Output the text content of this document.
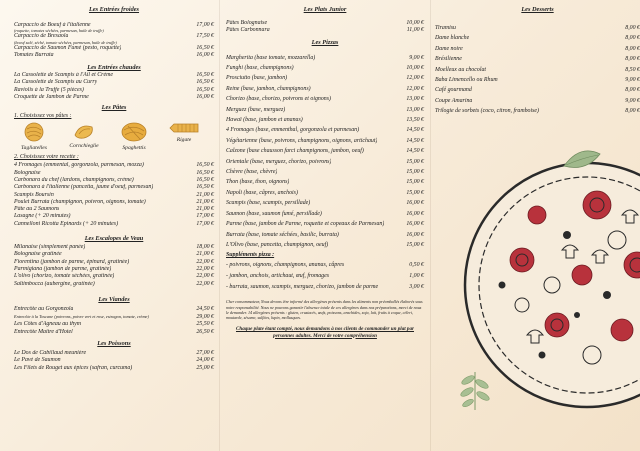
Les Entrées froides

Carpaccio de Boeuf à l'italienne	17,00 €
(roquette, tomates séchées, parmesan, huile de truffe)
Carpaccio de Bresaola	17,50 €
(boeuf salé, séché, tomate séchées, parmesan, huile de truffe)
Carpaccio de Saumon Fumé (pesto, roquette)	16,50 €
Tomates Burrata	16,00 €

Les Entrées chaudes

La Cassolette de Scampis à l'Ail et Crème	16,50 €
La Cassolette de Scampis au Curry	16,50 €
Raviolis à la Truffe (5 pièces)	16,50 €
Croquette de Jambon de Parme	16,00 €

Les Pâtes

1. Choisissez vos pâtes :
Tagliatelles	Cornchieglie	Spaghettis
Rigate
2. Choisissez votre recette :
4 Fromages (emmental, gorgonzola, parmesan, mozza)	16,50 €
Bolognaise	16,50 €
Carbonara du chef (lardons, champignons, crème)	16,50 €
Carbonara à l'italienne (pancetta, jaune d'oeuf, parmesan)	16,50 €
Scampis Boursin	21,00 €
Poulet Burrata (champignon, poivron, oignons, tomate)	21,00 €
Pâte au 2 Saumons	21,00 €
Lasagne (+ 20 minutes)	17,00 €
Cannelloni Ricotta Epinards (+ 20 minutes)	17,00 €

Les Escalopes de Veau

Milanaise (simplement panée)	18,00 €
Bolognaise gratinée	21,00 €
Fiorentina (jambon de parme, épinard, gratinée)	22,00 €
Parmigiana (jambon de parme, gratinée)	22,00 €
L'olivo (chorizo, tomate séchées, gratinée)	22,00 €
Saltimbocca (aubergine, gratinée)	22,00 €

Les Viandes

Entrecôte au Gorgonzola	24,50 €
Entrecôte à la Toscane (poivrons, poivre vert et rose, estragon, tomate, crème)	29,00 €
Les Côtes d'Agneau au thym	25,50 €
Entrecôte Maitre d'Hotel	26,50 €

Les Poissons

Le Dos de Cabillaud meunière	27,00 €
Le Pavé de Saumon	24,00 €
Les Filets de Rouget aux épices (safran, curcuma)	25,00 €

Les Plats Junior

Pâtes Bolognaise	10,00 €
Pâtes Carbonnara	11,00 €

Les Pizzas

Margherita (base tomate, mozzarella)	9,00 €
Funghi (base, champignons)	10,00 €
Prosciutto (base, jambon)	12,00 €
Reine (base, jambon, champignons)	12,00 €
Chorizo (base, chorizo, poivrons et oignons)	13,00 €
Merguez (base, merguez)	13,00 €
Hawaï (base, jambon et ananas)	13,50 €
4 Fromages (base, emmenthal, gorgonzola et parmesan)	14,50 €
Végétarienne (base, poivrons, champignons, oignons, artichaut)	14,50 €
Calzone (base chausson farci champignons, jambon, oeuf)	14,50 €
Orientale (base, merguez, chorizo, poivrons)	15,00 €
Chèvre (base, chèvre)	15,00 €
Thon (base, thon, oignons)	15,00 €
Napoli (base, câpres, anchois)	15,00 €
Scampis (base, scampis, persillade)	16,00 €
Saumon (base, saumon fumé, persillade)	16,00 €
Parme (base, jambon de Parme, roquette et copeaux de Parmesan)	16,00 €
Burrata (base, tomate séchées, basilic, burrata)	16,00 €
L'Olivo (base, pancetta, champignon, oeuf)	15,00 €
Suppléments pizza :
- poivrons, oignons, champignons, ananas, câpres	0,50 €
- jambon, anchois, artichaut, œuf, fromages	1,00 €
- burrata, saumon, scampis, merguez, chorizo, jambon de parme	3,00 €
Cher consommateur, Nous devons être informé des allergènes présents dans les aliments non préemballés élaborés sous notre responsabilité. Nous ne pouvons garantir l'absence totale de ces allergènes dans nos préparations, merci de nous le demander. 14 allergènes présents : gluten, crustacés, œufs, poissons, arachides, soja, lait, fruits à coque, céleri, moutarde, sésame, sulfites, lupin, mollusques.
Chaque plate étant compté, nous demandons à nos clients de commander un plat par personnes adultes. Merci de votre compréhension

Les Desserts

Tiramisu	8,00 €
Dame blanche	8,00 €
Dame noire	8,00 €
Brésilienne	8,00 €
Moelleux au chocolat	8,50 €
Baba Limencello ou Rhum	9,00 €
Café gourmand	8,00 €
Coupe Amarina	9,00 €
Trilogie de sorbets (coco, citron, framboise)	8,00 €
